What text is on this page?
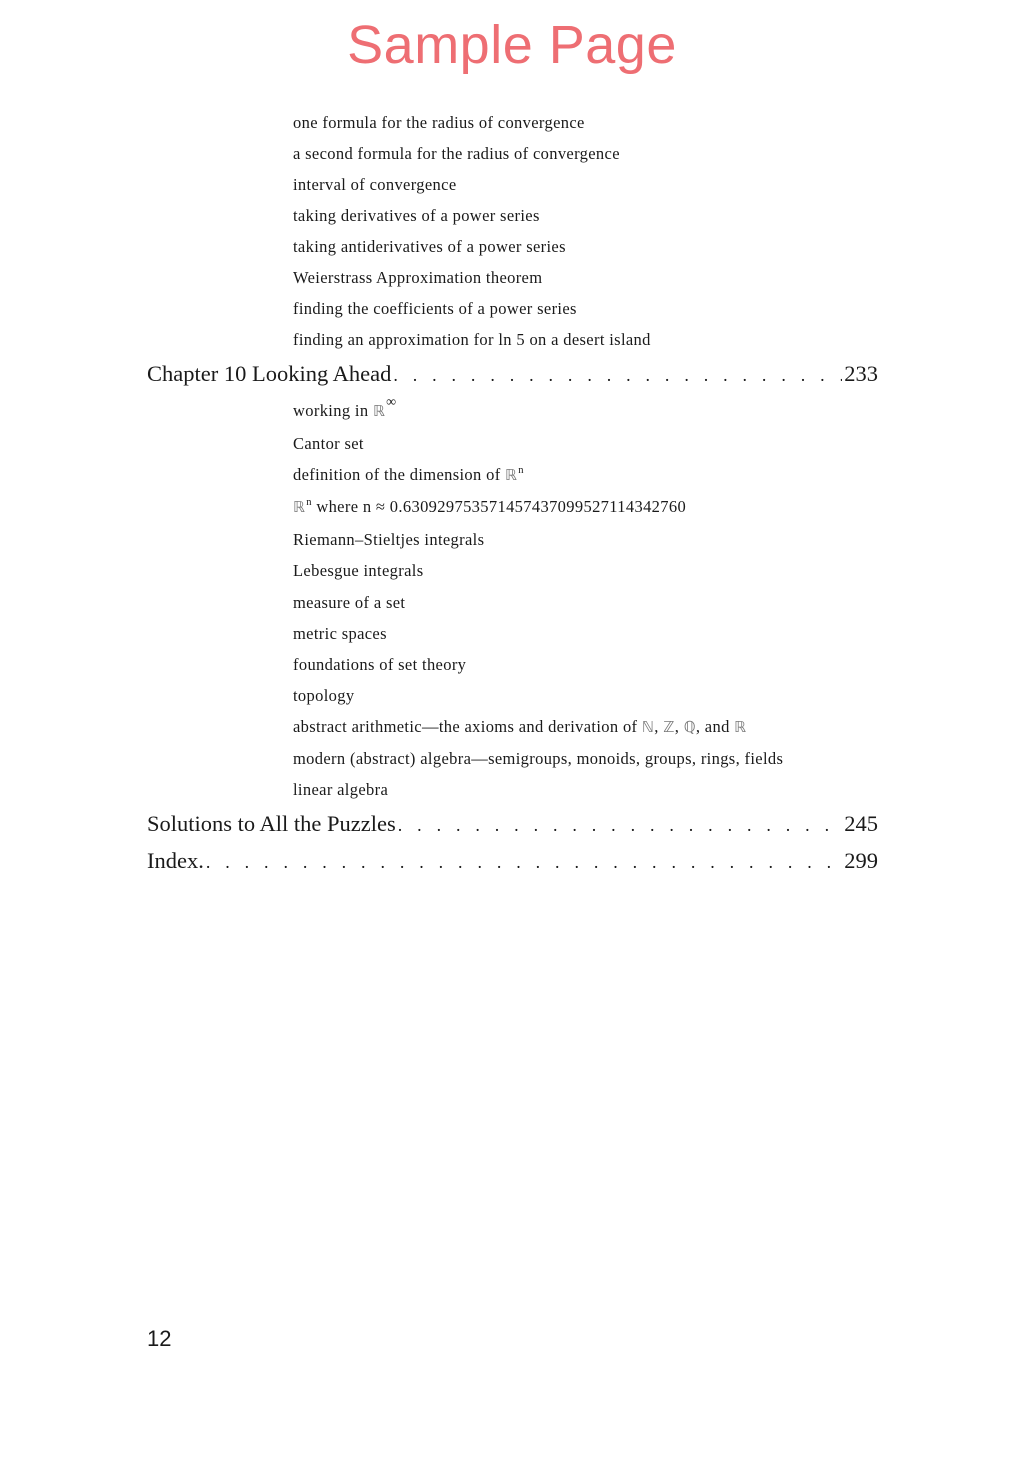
Sample Page
one formula for the radius of convergence
a second formula for the radius of convergence
interval of convergence
taking derivatives of a power series
taking antiderivatives of a power series
Weierstrass Approximation theorem
finding the coefficients of a power series
finding an approximation for ln 5 on a desert island
Chapter 10 Looking Ahead . . .	233
working in ℝ∞
Cantor set
definition of the dimension of ℝ$^n$
ℝ$^n$ where n ≈ 0.630929753571457437099527114342760
Riemann–Stieltjes integrals
Lebesgue integrals
measure of a set
metric spaces
foundations of set theory
topology
abstract arithmetic—the axioms and derivation of ℕ, ℤ, ℚ, and ℝ
modern (abstract) algebra—semigroups, monoids, groups, rings, fields
linear algebra
Solutions to All the Puzzles . . .	245
Index. . . .	299
12
